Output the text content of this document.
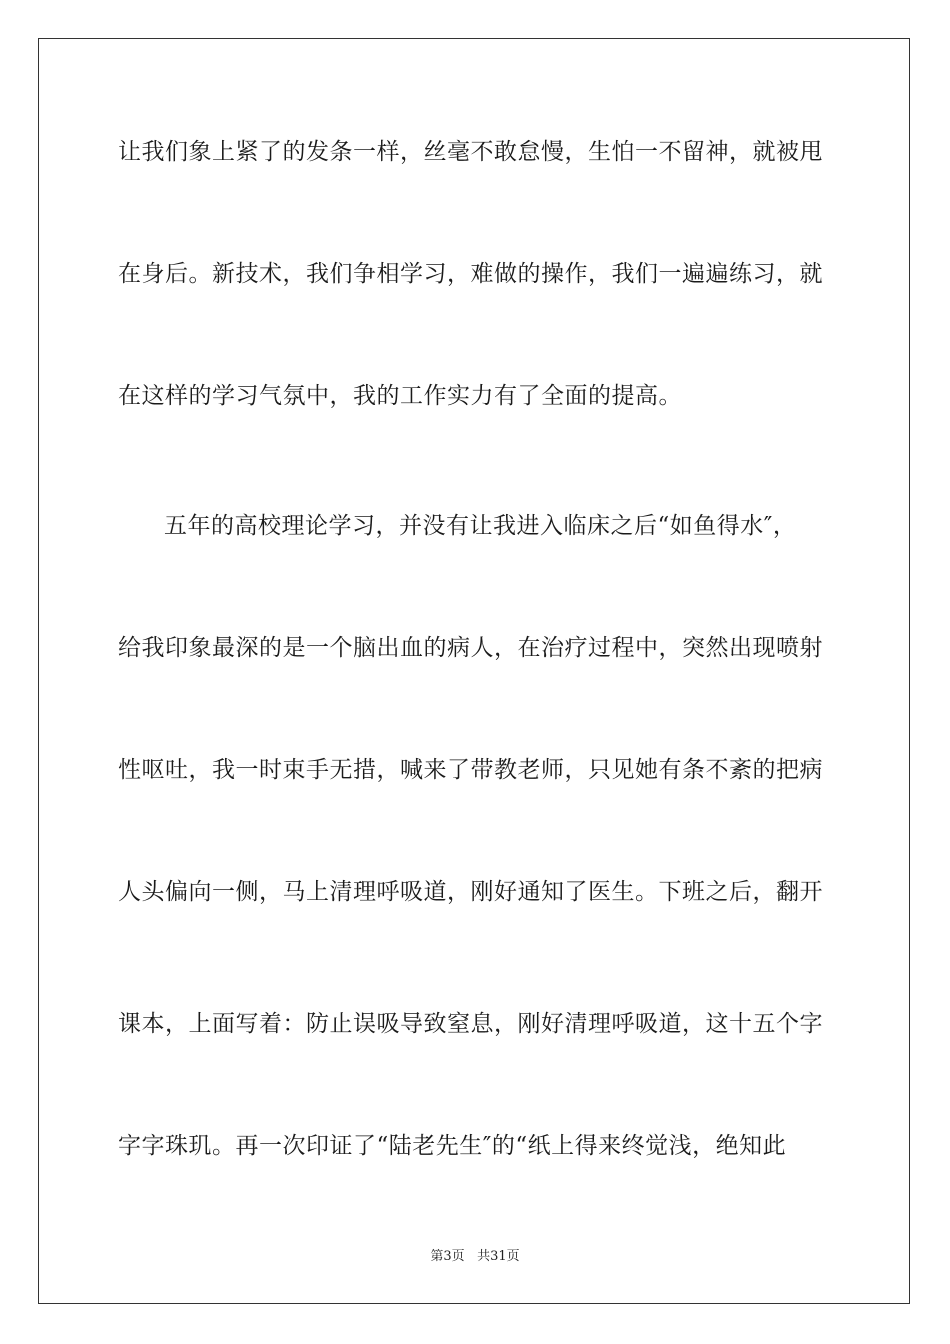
让我们象上紧了的发条一样，丝毫不敢怠慢，生怕一不留神，就被甩
在身后。新技术，我们争相学习，难做的操作，我们一遍遍练习，就
在这样的学习气氛中，我的工作实力有了全面的提高。
五年的高校理论学习，并没有让我进入临床之后“如鱼得水″，
给我印象最深的是一个脑出血的病人，在治疗过程中，突然出现喷射
性呕吐，我一时束手无措，喊来了带教老师，只见她有条不紊的把病
人头偏向一侧，马上清理呼吸道，刚好通知了医生。下班之后，翻开
课本，上面写着：防止误吸导致窒息，刚好清理呼吸道，这十五个字
字字珠玑。再一次印证了“陆老先生″的“纸上得来终觉浅，绝知此
第3页 共31页
